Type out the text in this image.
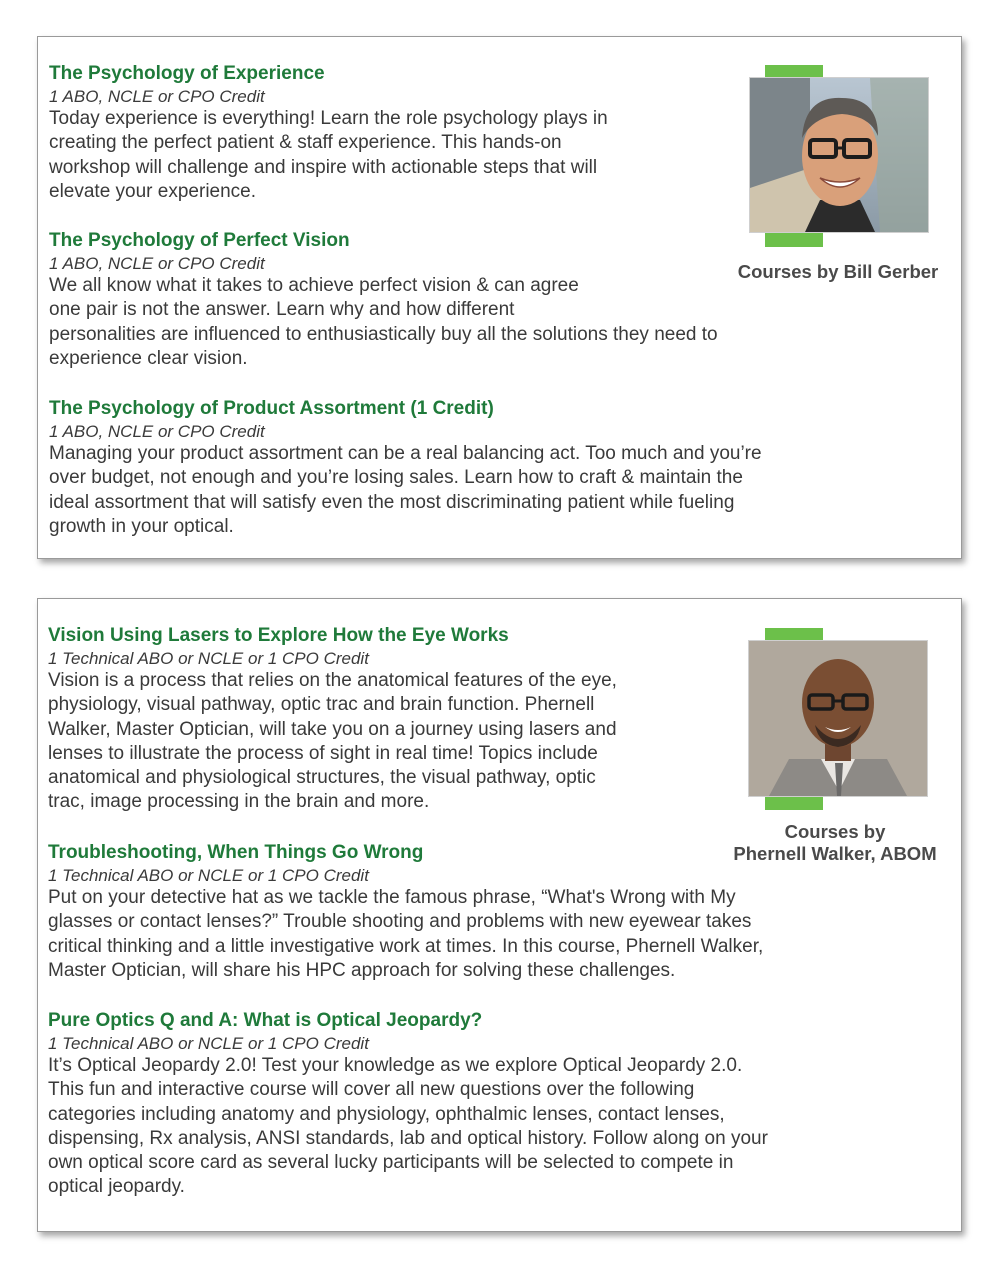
The Psychology of Experience

1 ABO, NCLE or CPO Credit

Today experience is everything! Learn the role psychology plays in
creating the perfect patient & staff experience. This hands-on
workshop will challenge and inspire with actionable steps that will
elevate your experience.

The Psychology of Perfect Vision

1 ABO, NCLE or CPO Credit

We all know what it takes to achieve perfect vision & can agree
one pair is not the answer. Learn why and how different
personalities are influenced to enthusiastically buy all the solutions they need to
experience clear vision.

The Psychology of Product Assortment (1 Credit)

1 ABO, NCLE or CPO Credit

Managing your product assortment can be a real balancing act. Too much and you’re
over budget, not enough and you’re losing sales. Learn how to craft & maintain the
ideal assortment that will satisfy even the most discriminating patient while fueling
growth in your optical.

Courses by Bill Gerber

Vision Using Lasers to Explore How the Eye Works

1 Technical ABO or NCLE or 1 CPO Credit

Vision is a process that relies on the anatomical features of the eye,
physiology, visual pathway, optic trac and brain function. Phernell
Walker, Master Optician, will take you on a journey using lasers and
lenses to illustrate the process of sight in real time! Topics include
anatomical and physiological structures, the visual pathway, optic
trac, image processing in the brain and more.

Troubleshooting, When Things Go Wrong

1 Technical ABO or NCLE or 1 CPO Credit

Put on your detective hat as we tackle the famous phrase, “What's Wrong with My
glasses or contact lenses?” Trouble shooting and problems with new eyewear takes
critical thinking and a little investigative work at times. In this course, Phernell Walker,
Master Optician, will share his HPC approach for solving these challenges.

Pure Optics Q and A: What is Optical Jeopardy?

1 Technical ABO or NCLE or 1 CPO Credit

It’s Optical Jeopardy 2.0! Test your knowledge as we explore Optical Jeopardy 2.0.
This fun and interactive course will cover all new questions over the following
categories including anatomy and physiology, ophthalmic lenses, contact lenses,
dispensing, Rx analysis, ANSI standards, lab and optical history. Follow along on your
own optical score card as several lucky participants will be selected to compete in
optical jeopardy.

Courses by
Phernell Walker, ABOM
